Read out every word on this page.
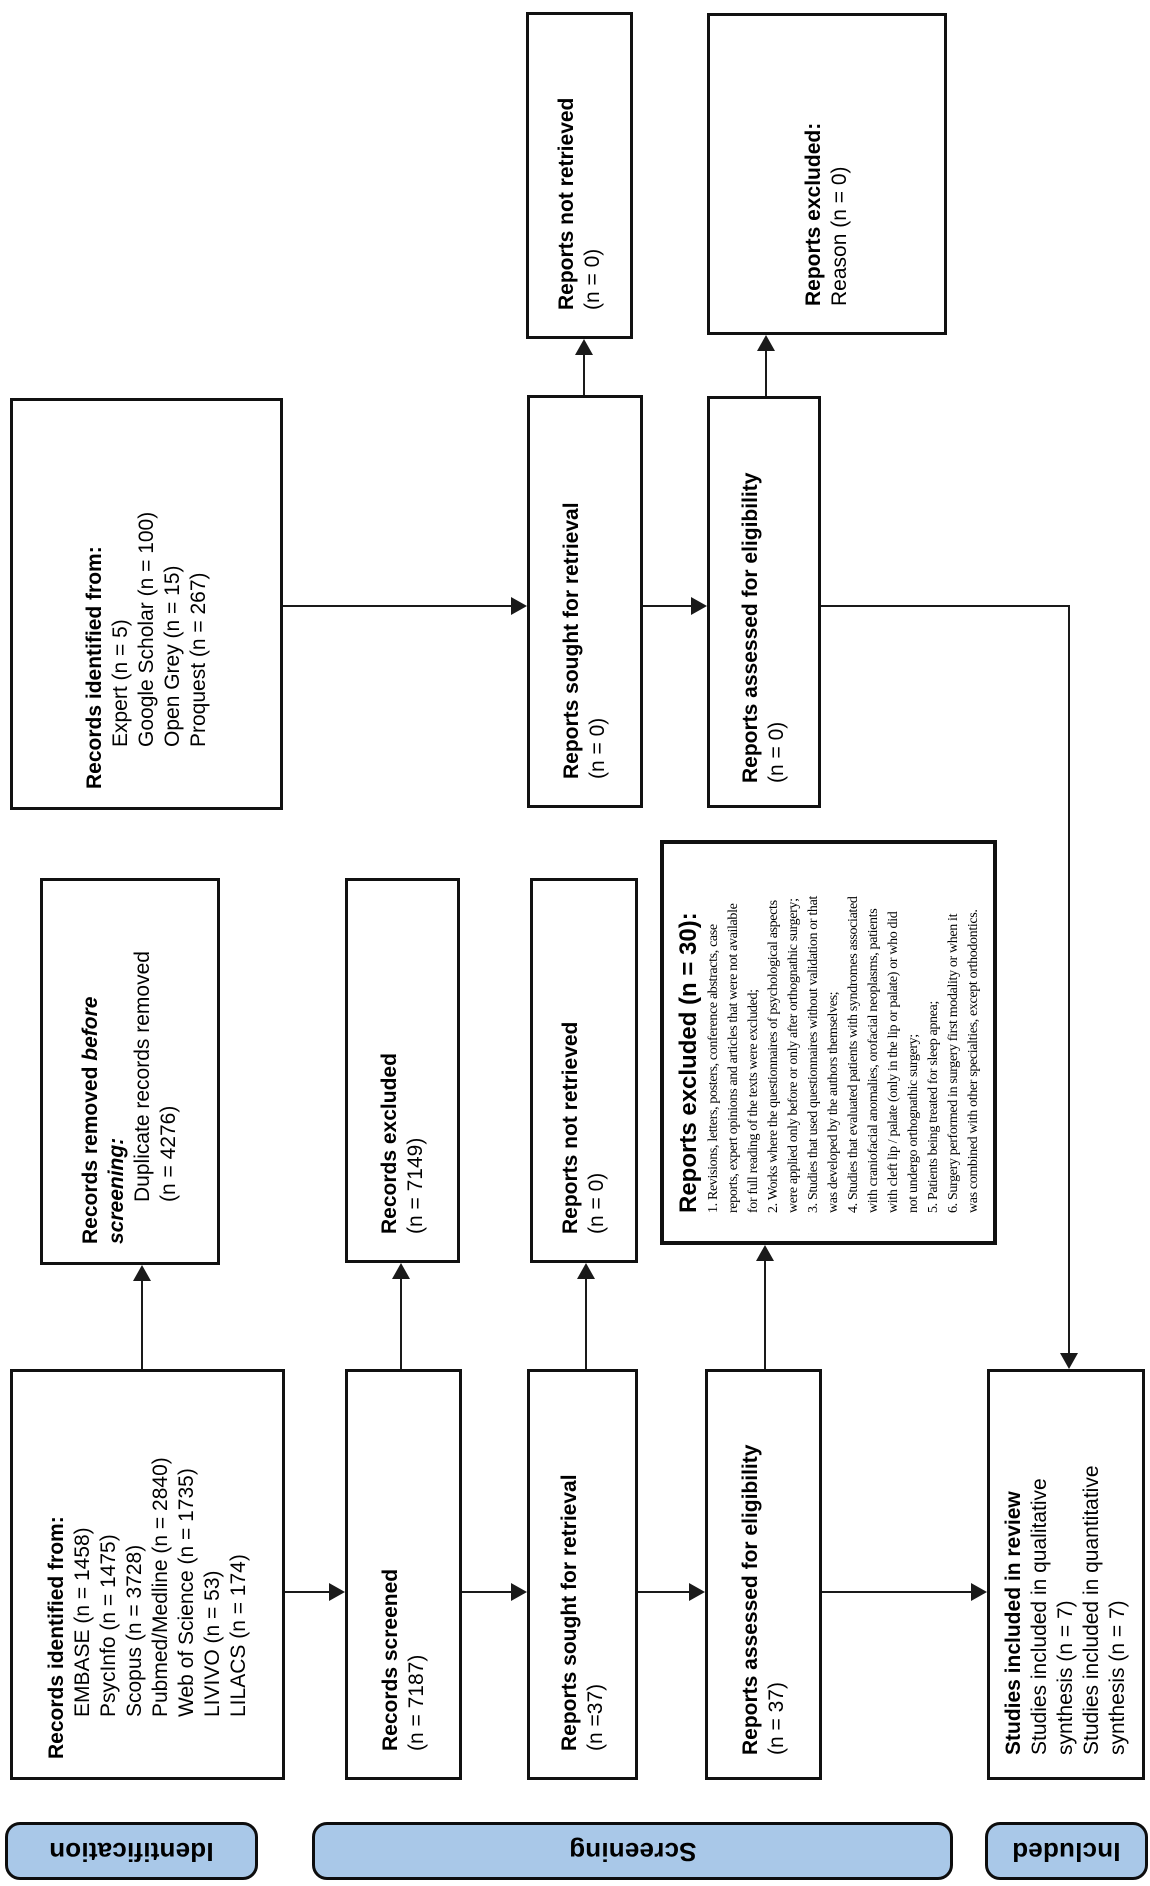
Reports not retrieved (n = 0)	Reports excluded: Reason (n = 0)
Records identified from: Expert (n = 5) Google Scholar (n = 100) Open Grey (n = 15) Proquest (n = 267)	Reports sought for retrieval (n = 0)	Reports assessed for eligibility (n = 0)
Records removed before
screening: Duplicate records removed (n = 4276)	Records excluded (n = 7149)	Reports not retrieved (n = 0)	Reports excluded (n = 30): 1. Revisions, letters, posters, conference abstracts, case reports, expert opinions and articles that were not available for full reading of the texts were excluded; 2. Works where the questionnaires of psychological aspects were applied only before or only after orthognathic surgery; 3. Studies that used questionnaires without validation or that was developed by the authors themselves; 4. Studies that evaluated patients with syndromes associated with craniofacial anomalies, orofacial neoplasms, patients with cleft lip / palate (only in the lip or palate) or who did not undergo orthognathic surgery; 5. Patients being treated for sleep apnea; 6. Surgery performed in surgery first modality or when it was combined with other specialties, except orthodontics.
Records identified from: EMBASE (n = 1458) PsycInfo (n = 1475) Scopus (n = 3728) Pubmed/Medline (n = 2840) Web of Science (n = 1735) LIVIVO (n = 53) LILACS (n = 174)	Records screened (n = 7187)	Reports sought for retrieval (n =37)	Reports assessed for eligibility (n = 37)	Studies included in review Studies included in qualitative synthesis (n = 7) Studies included in quantitative synthesis (n = 7)
Identification	Screening	Included
